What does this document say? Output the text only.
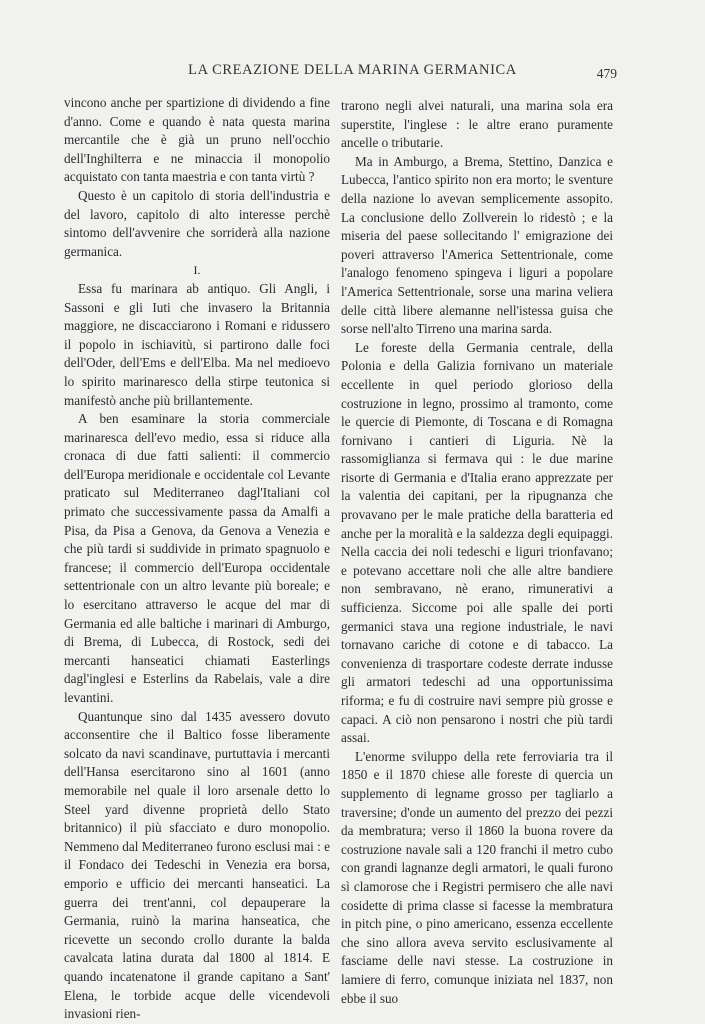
LA CREAZIONE DELLA MARINA GERMANICA	479

vincono anche per spartizione di dividendo a fine d'anno. Come e quando è nata questa marina mercantile che è già un pruno nell'occhio dell'Inghilterra e ne minaccia il monopolio acquistato con tanta maestria e con tanta virtù ?

Questo è un capitolo di storia dell'industria e del lavoro, capitolo di alto interesse perchè sintomo dell'avvenire che sorriderà alla nazione germanica.

I.

Essa fu marinara ab antiquo. Gli Angli, i Sassoni e gli Iuti che invasero la Britannia maggiore, ne discacciarono i Romani e ridussero il popolo in ischiavitù, si partirono dalle foci dell'Oder, dell'Ems e dell'Elba. Ma nel medioevo lo spirito marinaresco della stirpe teutonica si manifestò anche più brillantemente.

A ben esaminare la storia commerciale marinaresca dell'evo medio, essa si riduce alla cronaca di due fatti salienti: il commercio dell'Europa meridionale e occidentale col Levante praticato sul Mediterraneo dagl'Italiani col primato che successivamente passa da Amalfi a Pisa, da Pisa a Genova, da Genova a Venezia e che più tardi si suddivide in primato spagnuolo e francese; il commercio dell'Europa occidentale settentrionale con un altro levante più boreale; e lo esercitano attraverso le acque del mar di Germania ed alle baltiche i marinari di Amburgo, di Brema, di Lubecca, di Rostock, sedi dei mercanti hanseatici chiamati Easterlings dagl'inglesi e Esterlins da Rabelais, vale a dire levantini.

Quantunque sino dal 1435 avessero dovuto acconsentire che il Baltico fosse liberamente solcato da navi scandinave, purtuttavia i mercanti dell'Hansa esercitarono sino al 1601 (anno memorabile nel quale il loro arsenale detto lo Steel yard divenne proprietà dello Stato britannico) il più sfacciato e duro monopolio. Nemmeno dal Mediterraneo furono esclusi mai : e il Fondaco dei Tedeschi in Venezia era borsa, emporio e ufficio dei mercanti hanseatici. La guerra dei trent'anni, col depauperare la Germania, ruinò la marina hanseatica, che ricevette un secondo crollo durante la balda cavalcata latina durata dal 1800 al 1814. E quando incatenatone il grande capitano a Sant' Elena, le torbide acque delle vicendevoli invasioni rien-

trarono negli alvei naturali, una marina sola era superstite, l'inglese : le altre erano puramente ancelle o tributarie.

Ma in Amburgo, a Brema, Stettino, Danzica e Lubecca, l'antico spirito non era morto; le sventure della nazione lo avevan semplicemente assopito. La conclusione dello Zollverein lo ridestò ; e la miseria del paese sollecitando l' emigrazione dei poveri attraverso l'America Settentrionale, come l'analogo fenomeno spingeva i liguri a popolare l'America Settentrionale, sorse una marina veliera delle città libere alemanne nell'istessa guisa che sorse nell'alto Tirreno una marina sarda.

Le foreste della Germania centrale, della Polonia e della Galizia fornivano un materiale eccellente in quel periodo glorioso della costruzione in legno, prossimo al tramonto, come le quercie di Piemonte, di Toscana e di Romagna fornivano i cantieri di Liguria. Nè la rassomiglianza si fermava qui : le due marine risorte di Germania e d'Italia erano apprezzate per la valentia dei capitani, per la ripugnanza che provavano per le male pratiche della baratteria ed anche per la moralità e la saldezza degli equipaggi. Nella caccia dei noli tedeschi e liguri trionfavano; e potevano accettare noli che alle altre bandiere non sembravano, nè erano, rimunerativi a sufficienza. Siccome poi alle spalle dei porti germanici stava una regione industriale, le navi tornavano cariche di cotone e di tabacco. La convenienza di trasportare codeste derrate indusse gli armatori tedeschi ad una opportunissima riforma; e fu di costruire navi sempre più grosse e capaci. A ciò non pensarono i nostri che più tardi assai.

L'enorme sviluppo della rete ferroviaria tra il 1850 e il 1870 chiese alle foreste di quercia un supplemento di legname grosso per tagliarlo a traversine; d'onde un aumento del prezzo dei pezzi da membratura; verso il 1860 la buona rovere da costruzione navale sali a 120 franchi il metro cubo con grandi lagnanze degli armatori, le quali furono sì clamorose che i Registri permisero che alle navi cosidette di prima classe si facesse la membratura in pitch pine, o pino americano, essenza eccellente che sino allora aveva servito esclusivamente al fasciame delle navi stesse. La costruzione in lamiere di ferro, comunque iniziata nel 1837, non ebbe il suo
